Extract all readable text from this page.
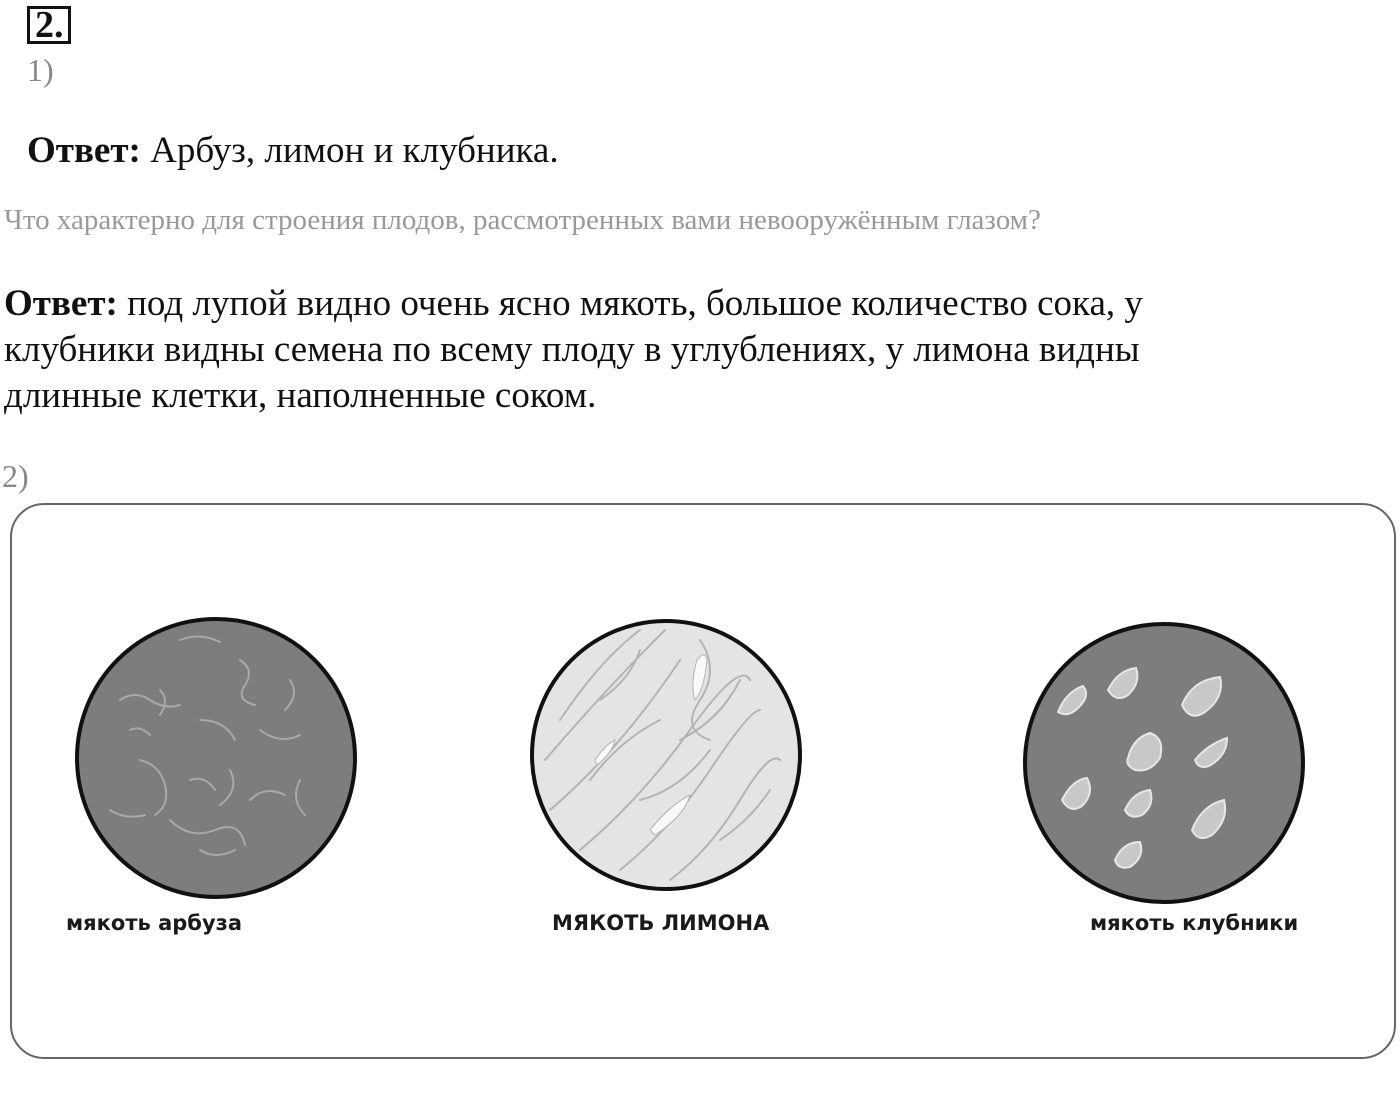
2.
1)
Ответ: Арбуз, лимон и клубника.
Что характерно для строения плодов, рассмотренных вами невооружённым глазом?
Ответ: под лупой видно очень ясно мякоть, большое количество сока, у
клубники видны семена по всему плоду в углублениях, у лимона видны
длинные клетки, наполненные соком.
2)
мякоть арбуза	МЯКОТЬ ЛИМОНА	мякоть клубники
